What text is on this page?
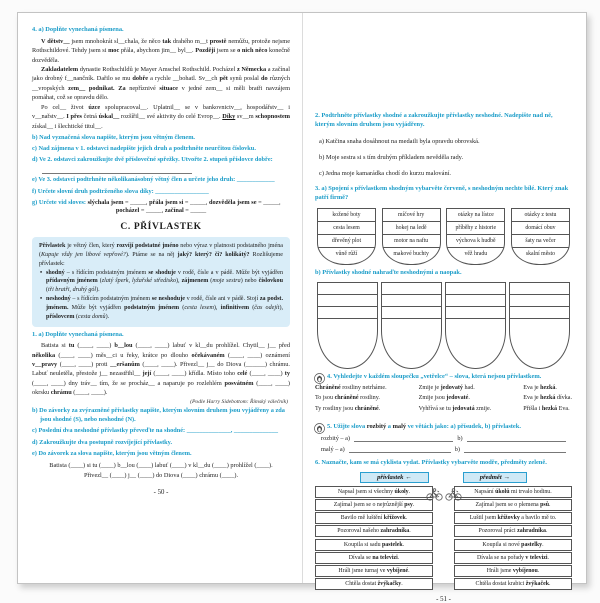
4. a) Doplňte vynechaná písmena.

V dětstv__ jsem mnohokrát sl__chala, že něco tak drahého m__t prostě nemůžu, protože nejsme Rothschildové. Tehdy jsem si moc přála, abychom jim__ byl__. Později jsem se o nich něco konečně dozvěděla.

Zakladatelem dynastie Rothschildů je Mayer Amschel Rothschild. Pocházel z Německa a začínal jako drobný f__nančník. Dařilo se mu dobře a rychle __bohatl. Sv__ch pět synů poslal do různých __vropských zem__ podnikat. Za nepříznivé situace v jedné zem__ si měli bratři navzájem pomáhat, což se opravdu dělo.

Po cel__ život úzce spolupracoval__. Uplatnil__ se v bankovnictv__, hospodářstv__ i v__nařstv__. I přes četná úskal__ rozšířil__ své aktivity do celé Evrop__. Díky sv__m schopnostem získal__ i šlechtické titul__.

b) Nad vyznačená slova napište, kterým jsou větným členem.
c) Nad zájmena v 1. odstavci nadepište jejich druh a podtrhněte neurčitou číslovku.
d) Ve 2. odstavci zakroužkujte dvě příslovečné spřežky. Utvořte 2. stupeň příslovce dobře:
e) Ve 3. odstavci podtrhněte několikanásobný větný člen a určete jeho druh: ____________
f) Určete slovní druh podtrženého slova díky: _________________
g) Určete vid sloves: slýchala jsem = _____, přála jsem si = _____, dozvěděla jsem se = _____,
pocházel = _____, začínal = _____
C. PŘÍVLASTEK

Přívlastek je větný člen, který rozvíjí podstatné jméno nebo výraz v platnosti podstatného jména (Kupuje vždy jen libové vepřové?). Ptáme se na něj jaký? který? čí? kolikátý? Rozlišujeme přívlastek:

• shodný – s řídícím podstatným jménem se shoduje v rodě, čísle a v pádě. Může být vyjádřen přídavným jménem (zlatý šperk, lyžařské středisko), zájmenem (moje sestra) nebo číslovkou (tři bratři, druhý gól).

• neshodný – s řídícím podstatným jménem se neshoduje v rodě, čísle ani v pádě. Stojí za podst. jménem. Může být vyjádřen podstatným jménem (cesta lesem), infinitivem (čas odejít), příslovcem (cesta domů).

1. a) Doplňte vynechaná písmena.

Batista si tu (____, ____) b__lou (____, ____) labuť v kl__du prohlížel. Chytil__ j__ před několika (____, ____) měs__ci u řeky, krátce po dlouho očekávaném (____, ____) oznámení v__pravy (____, ____) proti __eršanům (____, ____). Přivezl__ j__ do Diova (______) chrámu. Labuť neuletěla, přestože j__ nezastřihl__ její (____, ____) křídla. Místo toho celé (____, ____) ty (____, ____) dny tráv__ tím, že se procház__ a naparuje po rozlehlém posvátném (____, ____) okrsku chrámu (____, ____).

(Podle Harry Sidebottom: Římský válečník)
b) Do závorky za zvýrazněné přívlastky napište, kterým slovním druhem jsou vyjádřeny a zda jsou shodné (S), nebo neshodné (N).
c) Poslední dva neshodné přívlastky převeďte na shodné: ______________, ______________
d) Zakroužkujte dva postupně rozvíjející přívlastky.
e) Do závorek za slova napište, kterým jsou větným členem.
Batista (____) si tu (____) b__lou (____) labuť (____) v kl__du (____) prohlížel (____).
Přivezl__ (____) j__ (____) do Diova (____) chrámu (____).
- 50 -
2. Podtrhněte přívlastky shodné a zakroužkujte přívlastky neshodné. Nadepište nad ně, kterým slovním druhem jsou vyjádřeny.
a) Katčina snaha dosáhnout na medaili byla opravdu obrovská.
b) Moje sestra si s tím druhým příkladem nevěděla rady.
c) Jedna moje kamarádka chodí do kurzu malování.
3. a) Spojení s přívlastkem shodným vybarvěte červeně, s neshodným nechte bílé. Který znak patří firmě?
kožené boty
cesta lesem
dřevěný plot
vůně růží
míčové hry
hokej na ledě
motor na naftu
makové buchty
otázky na lístce
příběhy z historie
výchova k hudbě
věž hradu
otázky z testu
domácí obuv
šaty na večer
skalní město
b) Přívlastky shodné nahraďte neshodnými a naopak.
4. Vyhledejte v každém sloupečku „vetřelce“ – slova, která nejsou přívlastkem.
Chráněné rostliny netrháme.
To jsou chráněné rostliny.
Ty rostliny jsou chráněné.
Zmije je jedovatý had.
Zmije jsou jedovaté.
Vyhřívá se tu jedovatá zmije.
Eva je hezká.
Eva je hezká dívka.
Přišla i hezká Eva.
5. Užijte slova rozbitý a malý ve větách jako: a) přísudek, b) přívlastek.
rozbitý – a)	b)
malý – a)	b)
6. Naznačte, kam se má cyklista vydat. Přívlastky vybarvěte modře, předměty zeleně.
přívlastek ←	předmět →
Napsal jsem si všechny úkoly.
Zajímal jsem se o nejrůznější psy.
Bavilo mě luštění křížovek.
Pozoroval našeho zahradníka.
Koupila si sadu pastelek.
Dívala se na televizi.
Hráli jsme turnaj ve vybíjené.
Chtěla dostat žvýkačky.
Napsání úkolů mi trvalo hodinu.
Zajímal jsem se o plemena psů.
Luštil jsem křížovky a bavilo mě to.
Pozoroval práci zahradníka.
Koupila si nové pastelky.
Dívala se na pořady v televizi.
Hráli jsme vybíjenou.
Chtěla dostat krabici žvýkaček.
- 51 -
